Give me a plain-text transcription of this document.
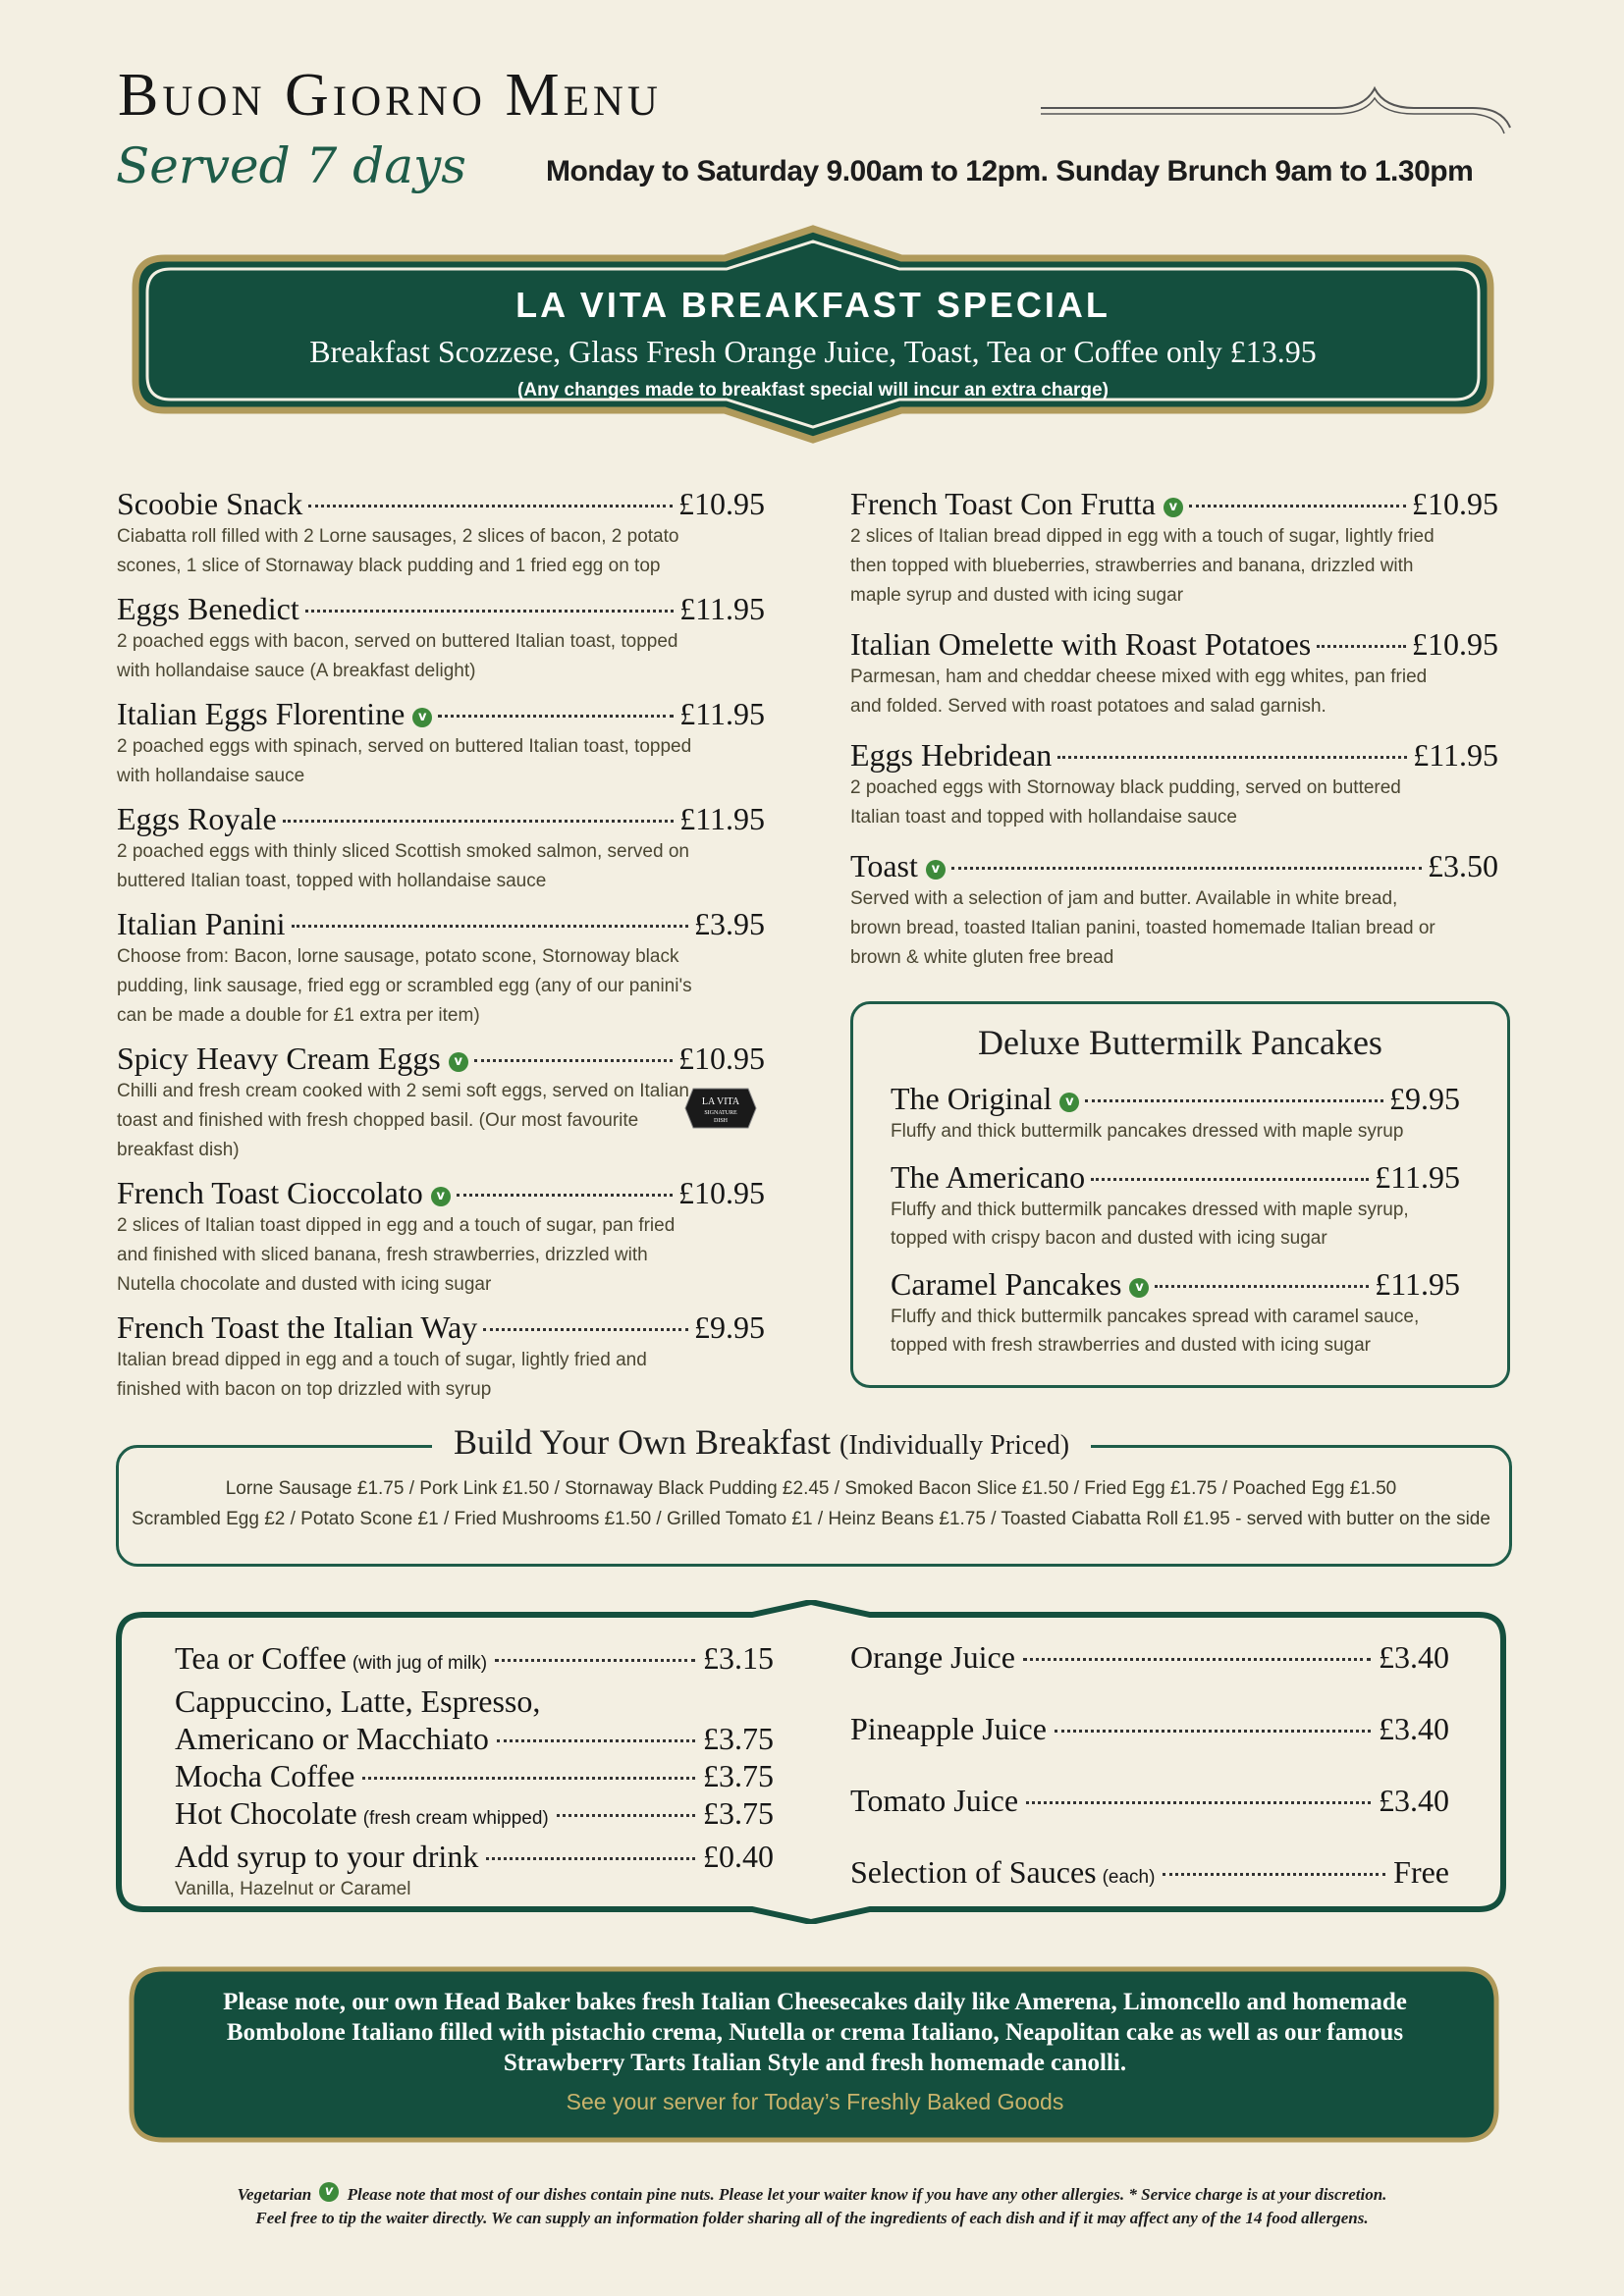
Buon Giorno Menu
Served 7 days	Monday to Saturday 9.00am to 12pm. Sunday Brunch 9am to 1.30pm
LA VITA BREAKFAST SPECIAL
Breakfast Scozzese, Glass Fresh Orange Juice, Toast, Tea or Coffee only £13.95
(Any changes made to breakfast special will incur an extra charge)
Scoobie Snack	£10.95
Ciabatta roll filled with 2 Lorne sausages, 2 slices of bacon, 2 potato scones, 1 slice of Stornaway black pudding and 1 fried egg on top
Eggs Benedict	£11.95
2 poached eggs with bacon, served on buttered Italian toast, topped with hollandaise sauce (A breakfast delight)
Italian Eggs Florentine	v	£11.95
2 poached eggs with spinach, served on buttered Italian toast, topped with hollandaise sauce
Eggs Royale	£11.95
2 poached eggs with thinly sliced Scottish smoked salmon, served on buttered Italian toast, topped with hollandaise sauce
Italian Panini	£3.95
Choose from: Bacon, lorne sausage, potato scone, Stornoway black pudding, link sausage, fried egg or scrambled egg (any of our panini's can be made a double for £1 extra per item)
Spicy Heavy Cream Eggs	v	£10.95
Chilli and fresh cream cooked with 2 semi soft eggs, served on Italian toast and finished with fresh chopped basil. (Our most favourite breakfast dish)
French Toast Cioccolato	v	£10.95
2 slices of Italian toast dipped in egg and a touch of sugar, pan fried and finished with sliced banana, fresh strawberries, drizzled with Nutella chocolate and dusted with icing sugar
French Toast the Italian Way	£9.95
Italian bread dipped in egg and a touch of sugar, lightly fried and finished with bacon on top drizzled with syrup
French Toast Con Frutta	v	£10.95
2 slices of Italian bread dipped in egg with a touch of sugar, lightly fried then topped with blueberries, strawberries and banana, drizzled with maple syrup and dusted with icing sugar
Italian Omelette with Roast Potatoes	£10.95
Parmesan, ham and cheddar cheese mixed with egg whites, pan fried and folded. Served with roast potatoes and salad garnish.
Eggs Hebridean	£11.95
2 poached eggs with Stornoway black pudding, served on buttered Italian toast and topped with hollandaise sauce
Toast	v	£3.50
Served with a selection of jam and butter. Available in white bread, brown bread, toasted Italian panini, toasted homemade Italian bread or brown & white gluten free bread
LA VITA
SIGNATURE
DISH
Deluxe Buttermilk Pancakes
The Original	v	£9.95
Fluffy and thick buttermilk pancakes dressed with maple syrup
The Americano	£11.95
Fluffy and thick buttermilk pancakes dressed with maple syrup, topped with crispy bacon and dusted with icing sugar
Caramel Pancakes	v	£11.95
Fluffy and thick buttermilk pancakes spread with caramel sauce, topped with fresh strawberries and dusted with icing sugar
Build Your Own Breakfast (Individually Priced)
Lorne Sausage £1.75 / Pork Link £1.50 / Stornaway Black Pudding £2.45 / Smoked Bacon Slice £1.50 / Fried Egg £1.75 / Poached Egg £1.50
Scrambled Egg £2 / Potato Scone £1 / Fried Mushrooms £1.50 / Grilled Tomato £1 / Heinz Beans £1.75 / Toasted Ciabatta Roll £1.95 - served with butter on the side
Tea or Coffee (with jug of milk)	£3.15
Cappuccino, Latte, Espresso,
Americano or Macchiato	£3.75
Mocha Coffee	£3.75
Hot Chocolate (fresh cream whipped)	£3.75
Add syrup to your drink	£0.40
Vanilla, Hazelnut or Caramel
Orange Juice	£3.40
Pineapple Juice	£3.40
Tomato Juice	£3.40
Selection of Sauces (each)	Free
Please note, our own Head Baker bakes fresh Italian Cheesecakes daily like Amerena, Limoncello and homemade Bombolone Italiano filled with pistachio crema, Nutella or crema Italiano, Neapolitan cake as well as our famous Strawberry Tarts Italian Style and fresh homemade canolli.
See your server for Today’s Freshly Baked Goods
Vegetarian v Please note that most of our dishes contain pine nuts. Please let your waiter know if you have any other allergies. * Service charge is at your discretion.
Feel free to tip the waiter directly. We can supply an information folder sharing all of the ingredients of each dish and if it may affect any of the 14 food allergens.
